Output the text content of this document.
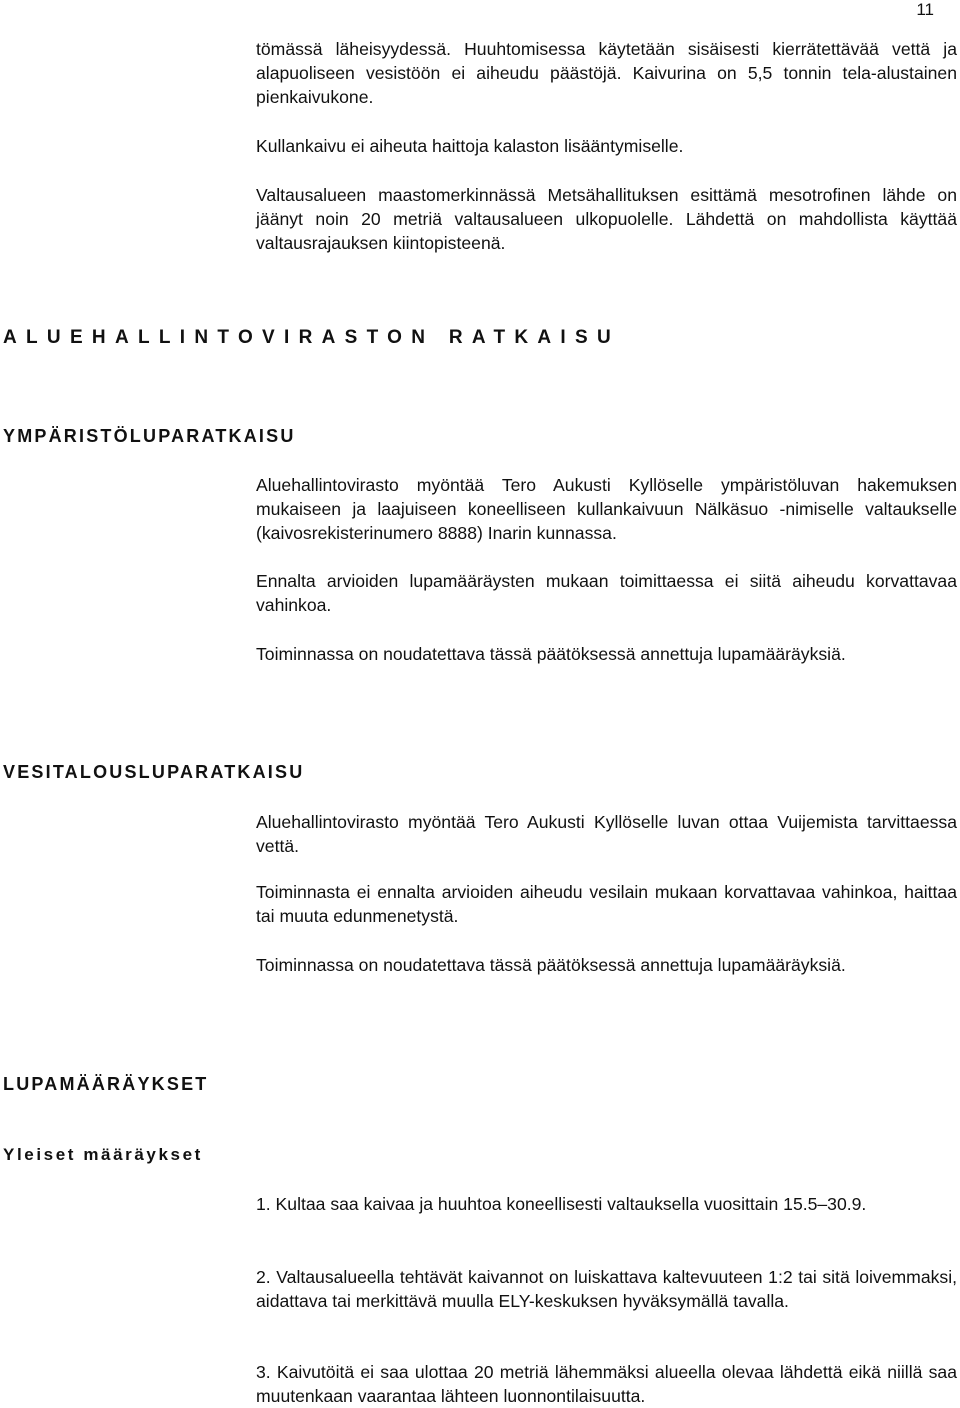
11

tömässä läheisyydessä. Huuhtomisessa käytetään sisäisesti kierrätettävää vettä ja alapuoliseen vesistöön ei aiheudu päästöjä. Kaivurina on 5,5 tonnin tela-alustainen pienkaivukone.

Kullankaivu ei aiheuta haittoja kalaston lisääntymiselle.

Valtausalueen maastomerkinnässä Metsähallituksen esittämä mesotrofinen lähde on jäänyt noin 20 metriä valtausalueen ulkopuolelle. Lähdettä on mahdollista käyttää valtausrajauksen kiintopisteenä.

ALUEHALLINTOVIRASTON RATKAISU
YMPÄRISTÖLUPARATKAISU

Aluehallintovirasto myöntää Tero Aukusti Kyllöselle ympäristöluvan hakemuksen mukaiseen ja laajuiseen koneelliseen kullankaivuun Nälkäsuo -nimiselle valtaukselle (kaivosrekisterinumero 8888) Inarin kunnassa.

Ennalta arvioiden lupamääräysten mukaan toimittaessa ei siitä aiheudu korvattavaa vahinkoa.

Toiminnassa on noudatettava tässä päätöksessä annettuja lupamääräyksiä.

VESITALOUSLUPARATKAISU

Aluehallintovirasto myöntää Tero Aukusti Kyllöselle luvan ottaa Vuijemista tarvittaessa vettä.

Toiminnasta ei ennalta arvioiden aiheudu vesilain mukaan korvattavaa vahinkoa, haittaa tai muuta edunmenetystä.

Toiminnassa on noudatettava tässä päätöksessä annettuja lupamääräyksiä.

LUPAMÄÄRÄYKSET
Yleiset määräykset

1. Kultaa saa kaivaa ja huuhtoa koneellisesti valtauksella vuosittain 15.5–30.9.

2. Valtausalueella tehtävät kaivannot on luiskattava kaltevuuteen 1:2 tai sitä loivemmaksi, aidattava tai merkittävä muulla ELY-keskuksen hyväksymällä tavalla.

3. Kaivutöitä ei saa ulottaa 20 metriä lähemmäksi alueella olevaa lähdettä eikä niillä saa muutenkaan vaarantaa lähteen luonnontilaisuutta.
